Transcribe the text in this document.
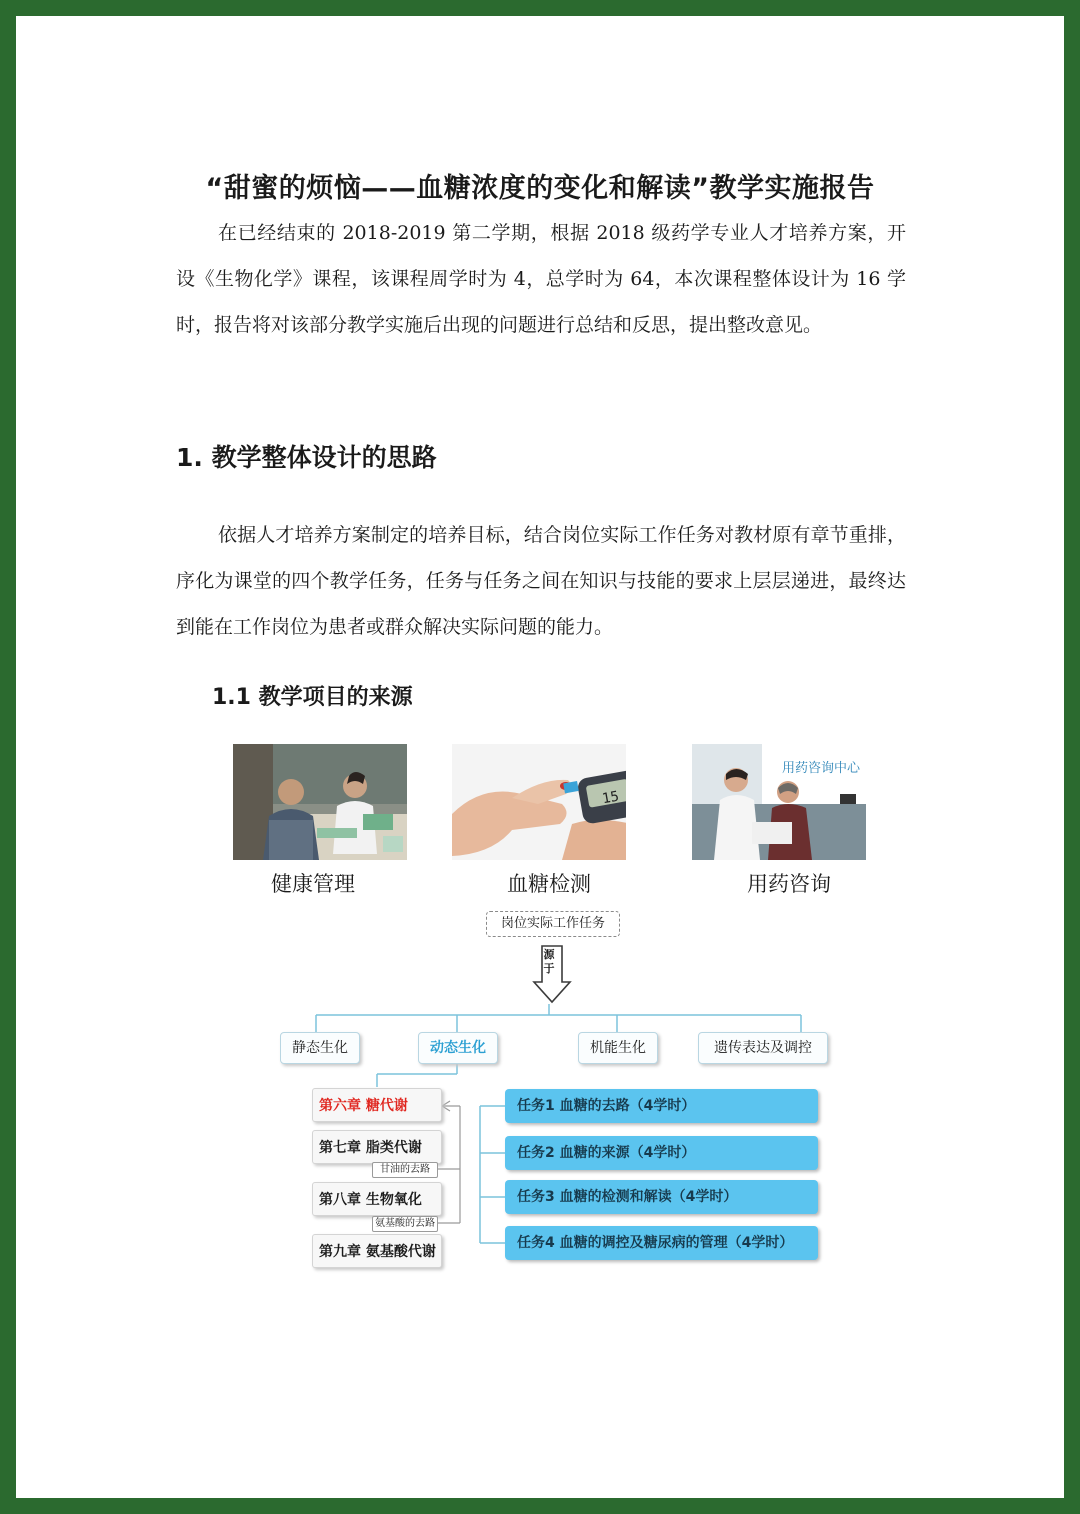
“甜蜜的烦恼——血糖浓度的变化和解读”教学实施报告
在已经结束的 2018-2019 第二学期，根据 2018 级药学专业人才培养方案，开设《生物化学》课程，该课程周学时为 4，总学时为 64，本次课程整体设计为 16 学时，报告将对该部分教学实施后出现的问题进行总结和反思，提出整改意见。
1. 教学整体设计的思路
依据人才培养方案制定的培养目标，结合岗位实际工作任务对教材原有章节重排，序化为课堂的四个教学任务，任务与任务之间在知识与技能的要求上层层递进，最终达到能在工作岗位为患者或群众解决实际问题的能力。
1.1 教学项目的来源
健康管理
15
血糖检测
用药咨询中心
用药咨询
岗位实际工作任务
源于
静态生化	动态生化	机能生化	遗传表达及调控
第六章 糖代谢
第七章 脂类代谢
甘油的去路
第八章 生物氧化
氨基酸的去路
第九章 氨基酸代谢
任务1 血糖的去路（4学时）
任务2 血糖的来源（4学时）
任务3 血糖的检测和解读（4学时）
任务4 血糖的调控及糖尿病的管理（4学时）
